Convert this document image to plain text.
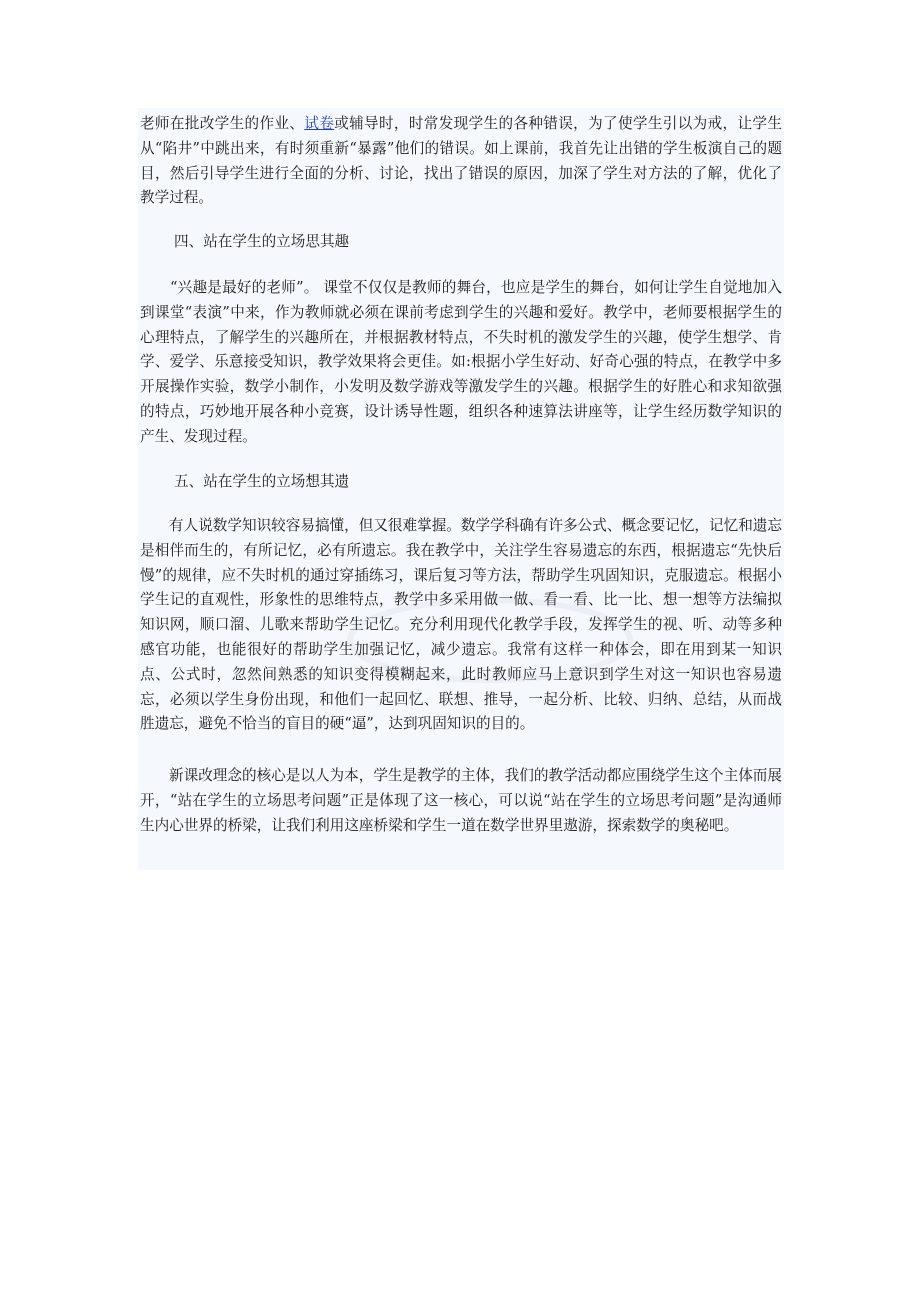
老师在批改学生的作业、试卷或辅导时，时常发现学生的各种错误，为了使学生引以为戒，让学生从“陷井”中跳出来，有时须重新“暴露”他们的错误。如上课前，我首先让出错的学生板演自己的题目，然后引导学生进行全面的分析、讨论，找出了错误的原因，加深了学生对方法的了解，优化了教学过程。

四、站在学生的立场思其趣

“兴趣是最好的老师”。 课堂不仅仅是教师的舞台，也应是学生的舞台，如何让学生自觉地加入到课堂“表演”中来，作为教师就必须在课前考虑到学生的兴趣和爱好。教学中，老师要根据学生的心理特点，了解学生的兴趣所在，并根据教材特点，不失时机的激发学生的兴趣，使学生想学、肯学、爱学、乐意接受知识，教学效果将会更佳。如:根据小学生好动、好奇心强的特点，在教学中多开展操作实验，数学小制作，小发明及数学游戏等激发学生的兴趣。根据学生的好胜心和求知欲强的特点，巧妙地开展各种小竞赛，设计诱导性题，组织各种速算法讲座等，让学生经历数学知识的产生、发现过程。

五、站在学生的立场想其遗

有人说数学知识较容易搞懂，但又很难掌握。数学学科确有许多公式、概念要记忆，记忆和遗忘是相伴而生的，有所记忆，必有所遗忘。我在教学中，关注学生容易遗忘的东西，根据遗忘“先快后慢”的规律，应不失时机的通过穿插练习，课后复习等方法，帮助学生巩固知识，克服遗忘。根据小学生记的直观性，形象性的思维特点，教学中多采用做一做、看一看、比一比、想一想等方法编拟知识网，顺口溜、儿歌来帮助学生记忆。充分利用现代化教学手段，发挥学生的视、听、动等多种感官功能，也能很好的帮助学生加强记忆，减少遗忘。我常有这样一种体会，即在用到某一知识点、公式时，忽然间熟悉的知识变得模糊起来，此时教师应马上意识到学生对这一知识也容易遗忘，必须以学生身份出现，和他们一起回忆、联想、推导，一起分析、比较、归纳、总结，从而战胜遗忘，避免不恰当的盲目的硬“逼”，达到巩固知识的目的。

新课改理念的核心是以人为本，学生是教学的主体，我们的教学活动都应围绕学生这个主体而展开，“站在学生的立场思考问题”正是体现了这一核心，可以说“站在学生的立场思考问题”是沟通师生内心世界的桥梁，让我们利用这座桥梁和学生一道在数学世界里遨游，探索数学的奥秘吧。
